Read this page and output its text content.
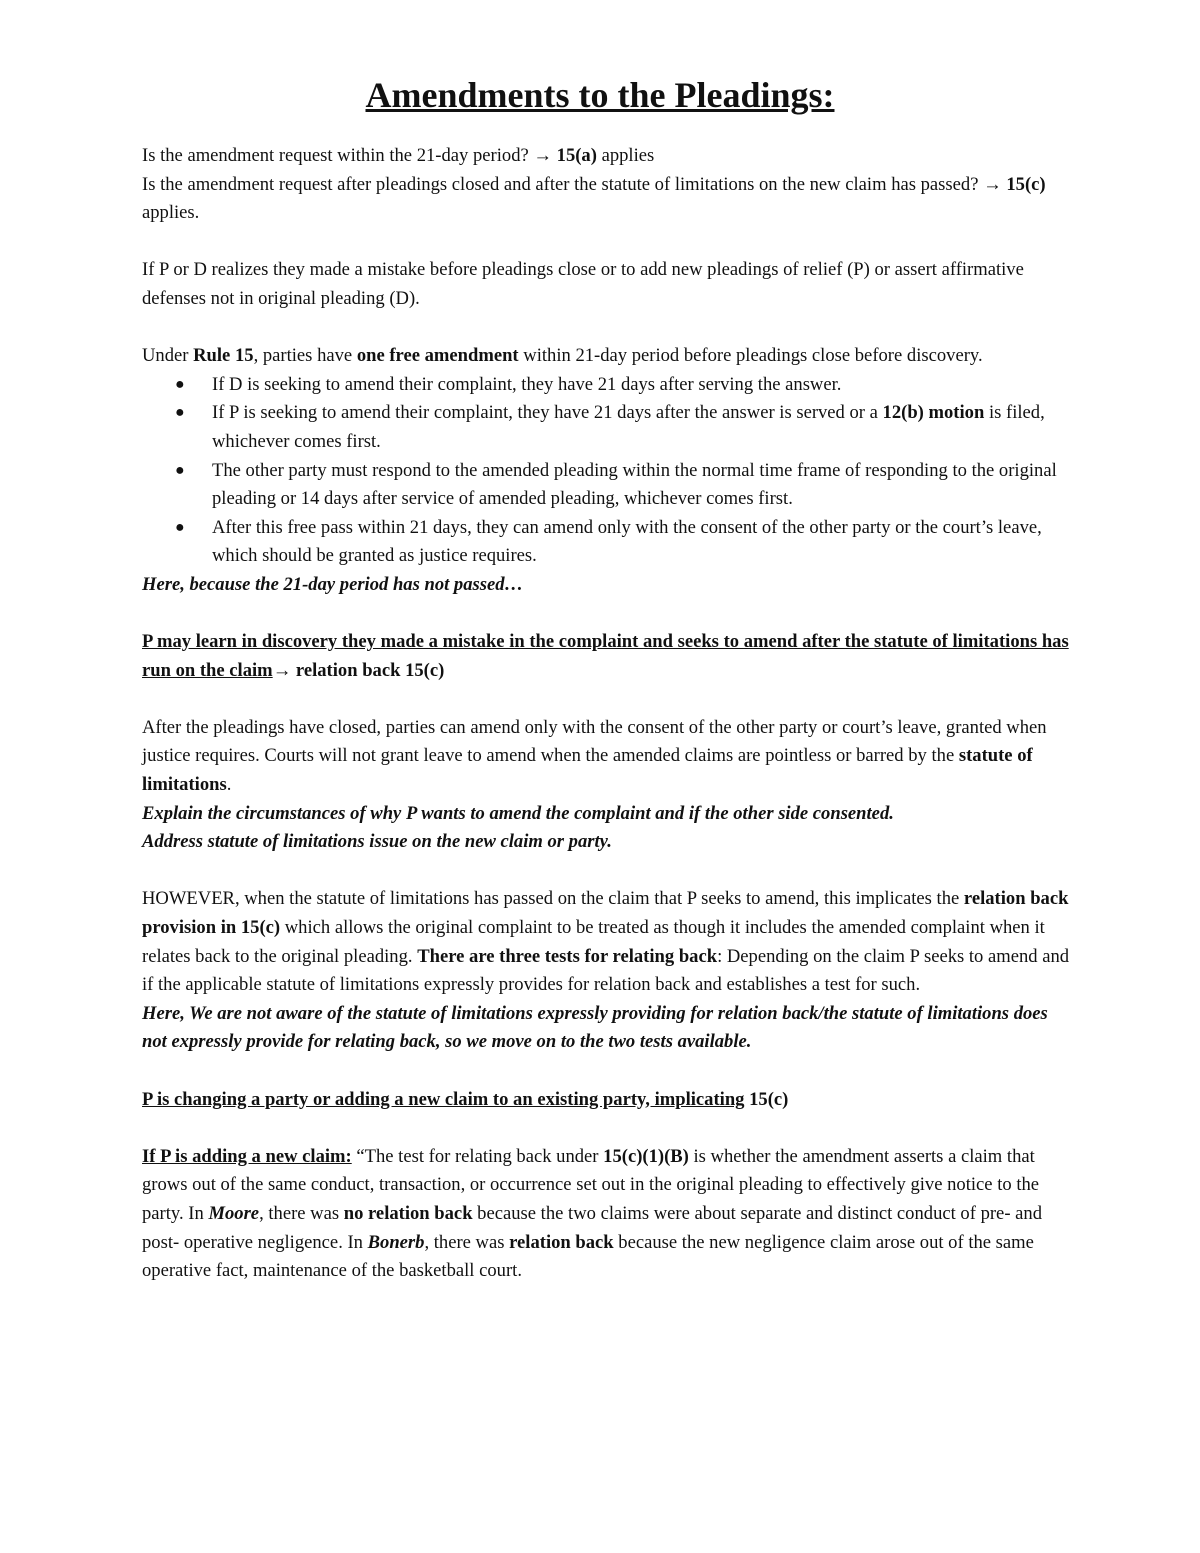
Amendments to the Pleadings:

Is the amendment request within the 21-day period? → 15(a) applies

Is the amendment request after pleadings closed and after the statute of limitations on the new claim has passed? → 15(c) applies.

If P or D realizes they made a mistake before pleadings close or to add new pleadings of relief (P) or assert affirmative defenses not in original pleading (D).

Under Rule 15, parties have one free amendment within 21-day period before pleadings close before discovery.

● If D is seeking to amend their complaint, they have 21 days after serving the answer.
● If P is seeking to amend their complaint, they have 21 days after the answer is served or a 12(b) motion is filed, whichever comes first.
● The other party must respond to the amended pleading within the normal time frame of responding to the original pleading or 14 days after service of amended pleading, whichever comes first.
● After this free pass within 21 days, they can amend only with the consent of the other party or the court’s leave, which should be granted as justice requires.

Here, because the 21-day period has not passed…

P may learn in discovery they made a mistake in the complaint and seeks to amend after the statute of limitations has run on the claim→ relation back 15(c)

After the pleadings have closed, parties can amend only with the consent of the other party or court’s leave, granted when justice requires. Courts will not grant leave to amend when the amended claims are pointless or barred by the statute of limitations.

Explain the circumstances of why P wants to amend the complaint and if the other side consented.

Address statute of limitations issue on the new claim or party.

HOWEVER, when the statute of limitations has passed on the claim that P seeks to amend, this implicates the relation back provision in 15(c) which allows the original complaint to be treated as though it includes the amended complaint when it relates back to the original pleading. There are three tests for relating back: Depending on the claim P seeks to amend and if the applicable statute of limitations expressly provides for relation back and establishes a test for such.

Here, We are not aware of the statute of limitations expressly providing for relation back/the statute of limitations does not expressly provide for relating back, so we move on to the two tests available.

P is changing a party or adding a new claim to an existing party, implicating 15(c)

If P is adding a new claim: “The test for relating back under 15(c)(1)(B) is whether the amendment asserts a claim that grows out of the same conduct, transaction, or occurrence set out in the original pleading to effectively give notice to the party. In Moore, there was no relation back because the two claims were about separate and distinct conduct of pre- and post- operative negligence. In Bonerb, there was relation back because the new negligence claim arose out of the same operative fact, maintenance of the basketball court.
